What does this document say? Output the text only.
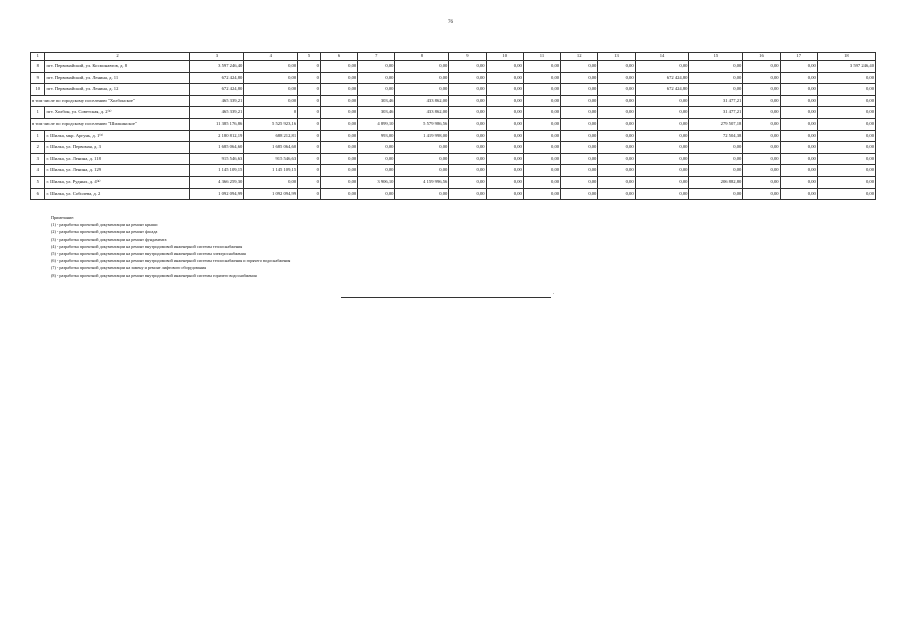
76
1	2	3	4	5	6	7	8	9	10	11	12	13	14	15	16	17	18
8	пгт. Первомайский, ул. Космонавтов, д. 8	3 597 246,40	0,00	0	0,00	0,00	0,00	0,00	0,00	0,00	0,00	0,00	0,00	0,00	0,00	0,00	3 597 246,40
9	пгт. Первомайский, ул. Ленина, д. 11	672 424,80	0,00	0	0,00	0,00	0,00	0,00	0,00	0,00	0,00	0,00	672 424,80	0,00	0,00	0,00	0,00
10	пгт. Первомайский, ул. Ленина, д. 12	672 424,80	0,00	0	0,00	0,00	0,00	0,00	0,00	0,00	0,00	0,00	672 424,80	0,00	0,00	0,00	0,00
в том числе по городскому поселению "Холбонское"		465 339,21	0,00	0	0,00	303,46	433 862,00	0,00	0,00	0,00	0,00	0,00	0,00	31 477,21	0,00	0,00	0,00
1	пгт. Холбон, ул. Советская, д. 2⁽⁶⁾	465 339,21	0	0	0,00	303,46	433 862,00	0,00	0,00	0,00	0,00	0,00	0,00	31 477,21	0,00	0,00	0,00
в том числе по городскому поселению "Шилкинское"		11 385 176,86	5 525 923,16	0	0,00	4 899,10	5 579 986,56	0,00	0,00	0,00	0,00	0,00	0,00	279 507,18	0,00	0,00	0,00
1	г. Шилка, мкр. Аргунь, д. 1⁽⁵⁾	2 180 812,19	688 212,81	0	0,00	993,00	1 419 998,00	0,00	0,00	0,00	0,00	0,00	0,00	72 504,38	0,00	0,00	0,00
2	г. Шилка, ул. Первомая, д. 3	1 685 064,60	1 685 064,60	0	0,00	0,00	0,00	0,00	0,00	0,00	0,00	0,00	0,00	0,00	0,00	0,00	0,00
3	г. Шилка, ул. Ленина, д. 118	915 546,63	915 546,63	0	0,00	0,00	0,00	0,00	0,00	0,00	0,00	0,00	0,00	0,00	0,00	0,00	0,00
4	г. Шилка, ул. Ленина, д. 129	1 145 109,15	1 145 109,15	0	0,00	0,00	0,00	0,00	0,00	0,00	0,00	0,00	0,00	0,00	0,00	0,00	0,00
5	г. Шилка, ул. Рудных, д. 4⁽⁴⁾	4 366 259,30	0,00	0	0,00	3 906,10	4 159 996,56	0,00	0,00	0,00	0,00	0,00	0,00	206 882,80	0,00	0,00	0,00
6	г. Шилка, ул. Соболева, д. 2	1 092 094,99	1 092 094,99	0	0,00	0,00	0,00	0,00	0,00	0,00	0,00	0,00	0,00	0,00	0,00	0,00	0,00
Примечание:
(1) - разработка проектной документации на ремонт крыши
(2) - разработка проектной документации на ремонт фасада
(3) - разработка проектной документации на ремонт фундамента
(4) - разработка проектной документации на ремонт внутридомовой инженерной системы теплоснабжения
(5) - разработка проектной документации на ремонт внутридомовой инженерной системы электроснабжения
(6) - разработка проектной документации на ремонт внутридомовой инженерной системы теплоснабжения и горячего водоснабжения
(7) - разработка проектной документации на замену и ремонт лифтового оборудования
(8) - разработка проектной документации на ремонт внутридомовой инженерной системы горячего водоснабжения
.
